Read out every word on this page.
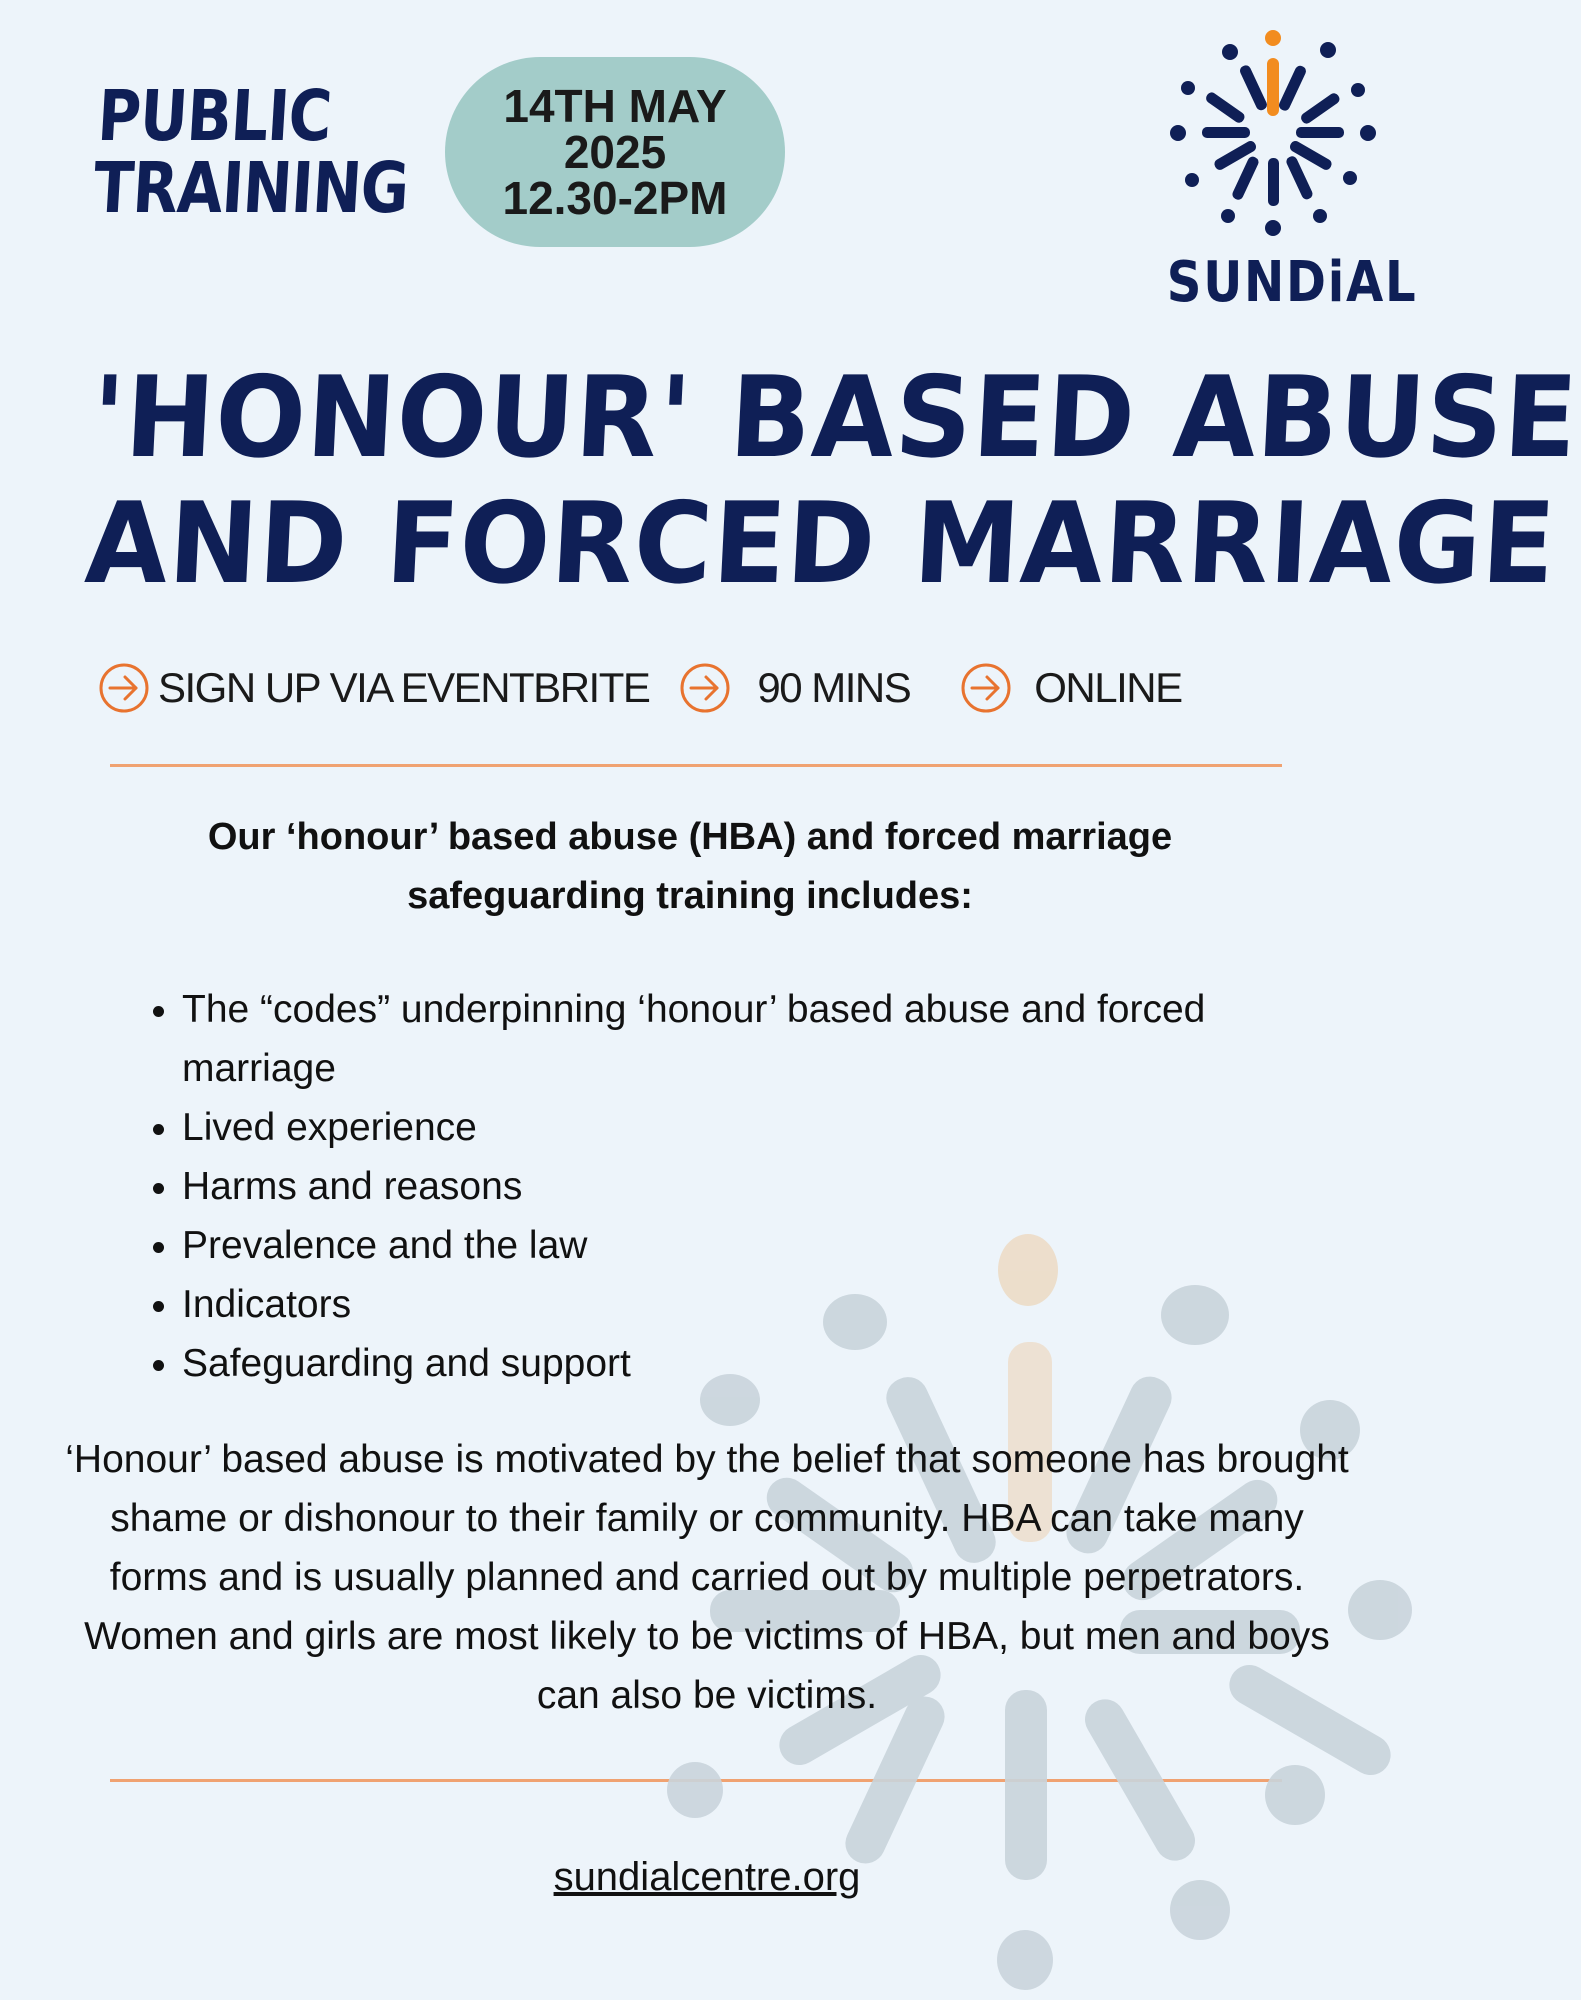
PUBLIC
TRAINING
14TH MAY
2025
12.30-2PM
SUNDiAL
'HONOUR' BASED ABUSE
AND FORCED MARRIAGE
SIGN UP VIA EVENTBRITE	90 MINS	ONLINE
Our ‘honour’ based abuse (HBA) and forced marriage safeguarding training includes:
• The “codes” underpinning ‘honour’ based abuse and forced marriage
• Lived experience
• Harms and reasons
• Prevalence and the law
• Indicators
• Safeguarding and support
‘Honour’ based abuse is motivated by the belief that someone has brought shame or dishonour to their family or community. HBA can take many forms and is usually planned and carried out by multiple perpetrators. Women and girls are most likely to be victims of HBA, but men and boys can also be victims.
sundialcentre.org
